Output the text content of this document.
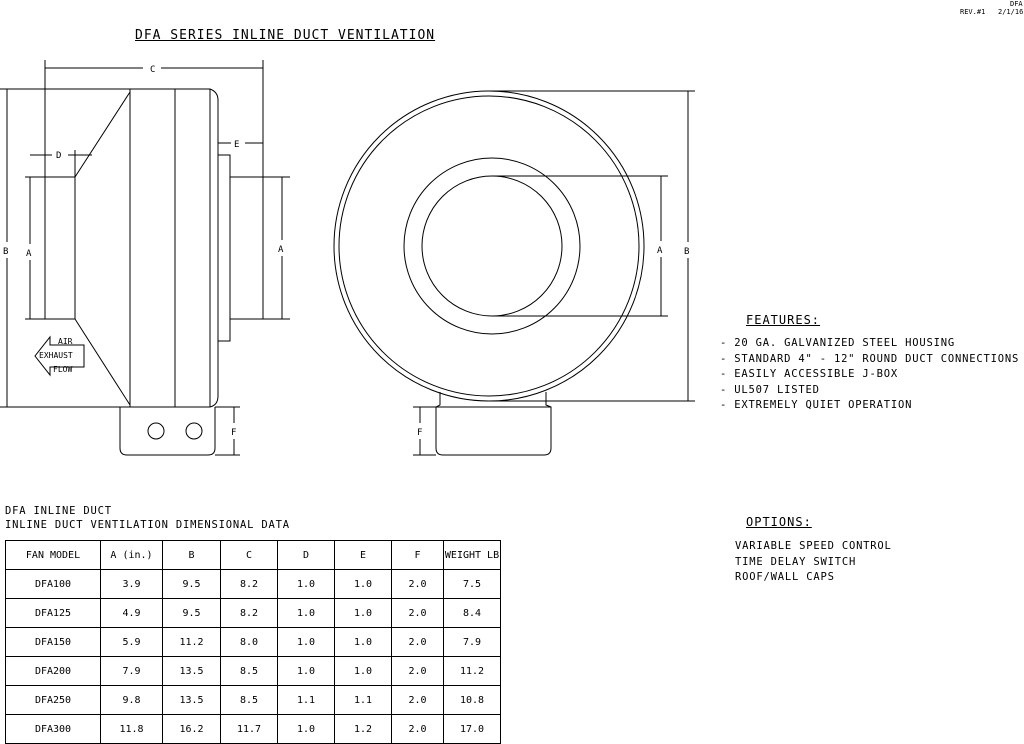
DFA
REV.#1 2/1/16
DFA SERIES INLINE DUCT VENTILATION
C
D
E
B A	A
F
B
A
F
AIR
EXHAUST
FLOW
FEATURES:
- 20 GA. GALVANIZED STEEL HOUSING
- STANDARD 4" - 12" ROUND DUCT CONNECTIONS
- EASILY ACCESSIBLE J-BOX
- UL507 LISTED
- EXTREMELY QUIET OPERATION
OPTIONS:
VARIABLE SPEED CONTROL
TIME DELAY SWITCH
ROOF/WALL CAPS
DFA INLINE DUCT
INLINE DUCT VENTILATION DIMENSIONAL DATA
FAN MODEL	A (in.)	B	C	D	E	F	WEIGHT LB
DFA100	3.9	9.5	8.2	1.0	1.0	2.0	7.5
DFA125	4.9	9.5	8.2	1.0	1.0	2.0	8.4
DFA150	5.9	11.2	8.0	1.0	1.0	2.0	7.9
DFA200	7.9	13.5	8.5	1.0	1.0	2.0	11.2
DFA250	9.8	13.5	8.5	1.1	1.1	2.0	10.8
DFA300	11.8	16.2	11.7	1.0	1.2	2.0	17.0
